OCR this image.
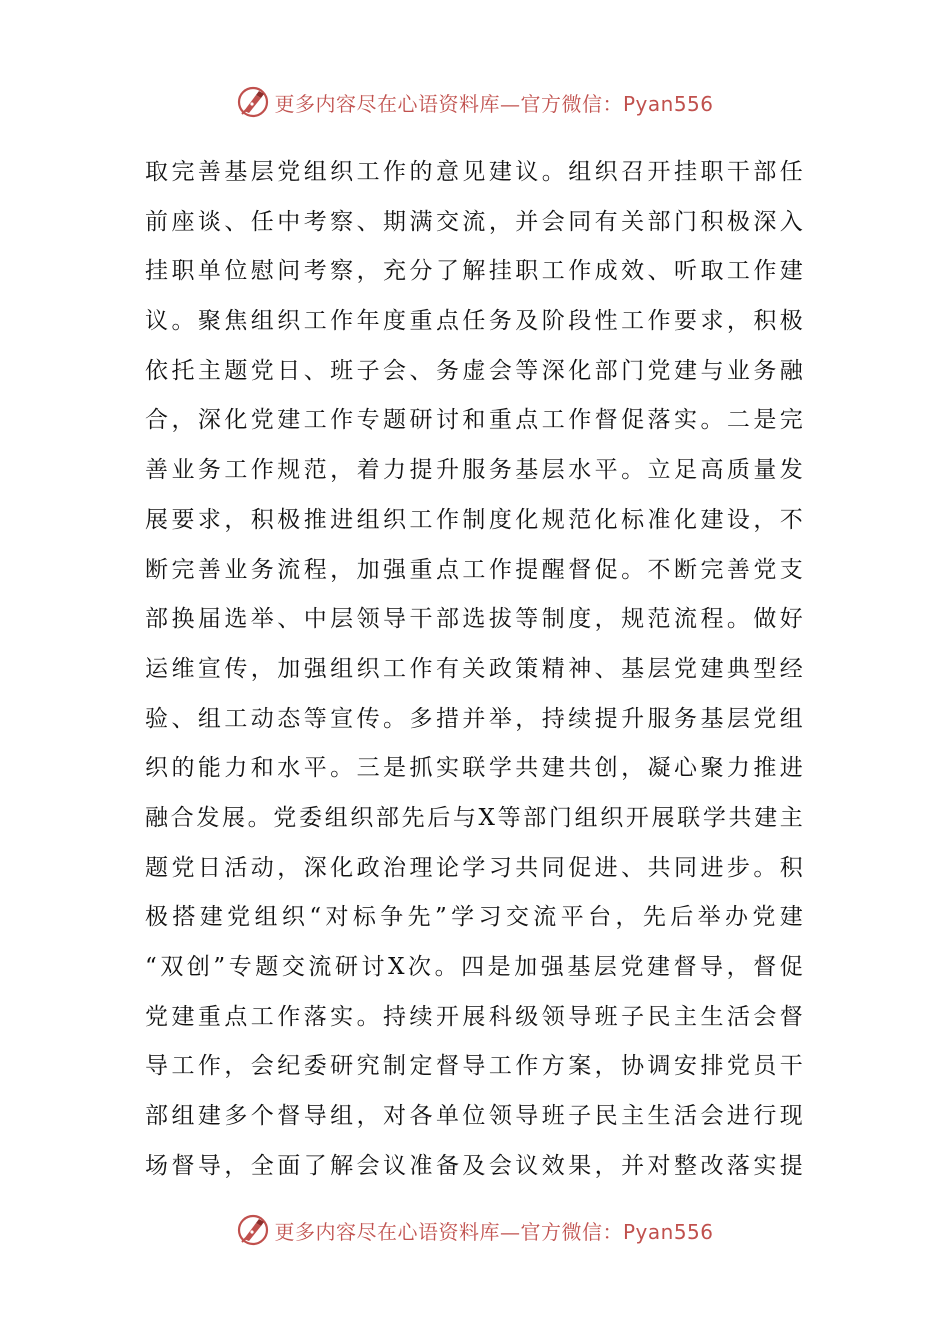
更多内容尽在心语资料库—官方微信：Pyan556
取完善基层党组织工作的意见建议。组织召开挂职干部任
前座谈、任中考察、期满交流，并会同有关部门积极深入
挂职单位慰问考察，充分了解挂职工作成效、听取工作建
议。聚焦组织工作年度重点任务及阶段性工作要求，积极
依托主题党日、班子会、务虚会等深化部门党建与业务融
合，深化党建工作专题研讨和重点工作督促落实。二是完
善业务工作规范，着力提升服务基层水平。立足高质量发
展要求，积极推进组织工作制度化规范化标准化建设，不
断完善业务流程，加强重点工作提醒督促。不断完善党支
部换届选举、中层领导干部选拔等制度，规范流程。做好
运维宣传，加强组织工作有关政策精神、基层党建典型经
验、组工动态等宣传。多措并举，持续提升服务基层党组
织的能力和水平。三是抓实联学共建共创，凝心聚力推进
融合发展。党委组织部先后与X等部门组织开展联学共建主
题党日活动，深化政治理论学习共同促进、共同进步。积
极搭建党组织“对标争先”学习交流平台，先后举办党建
“双创”专题交流研讨X次。四是加强基层党建督导，督促
党建重点工作落实。持续开展科级领导班子民主生活会督
导工作，会纪委研究制定督导工作方案，协调安排党员干
部组建多个督导组，对各单位领导班子民主生活会进行现
场督导，全面了解会议准备及会议效果，并对整改落实提
更多内容尽在心语资料库—官方微信：Pyan556
